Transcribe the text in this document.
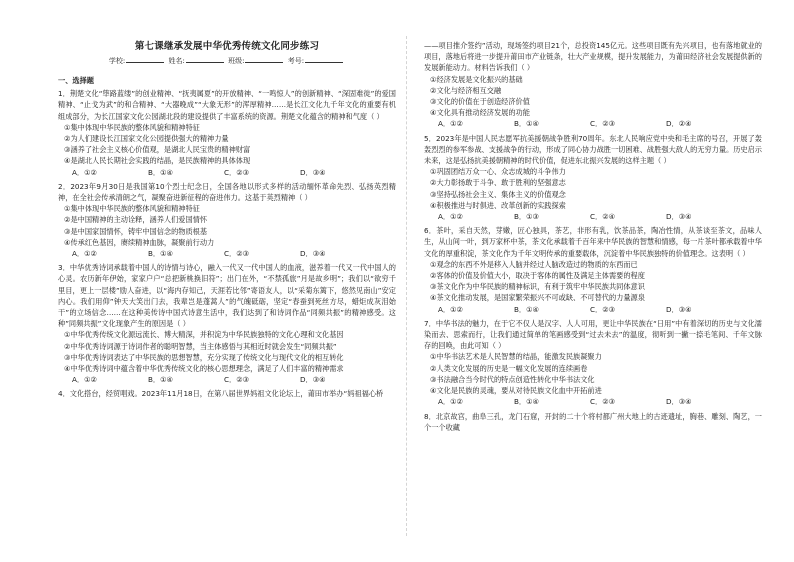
第七课继承发展中华优秀传统文化同步练习
学校:	姓名:	班级:	考号:
一、选择题

1．荆楚文化“筚路蓝缕”的创业精神、“抚夷属夏”的开放精神、“一鸣惊人”的创新精神、“深固难徙”的爱国精神、“止戈为武”的和合精神、“大器晚成”“大象无形”的浑厚精神……是长江文化九千年文化的重要有机组成部分，为长江国家文化公园湖北段的建设提供了丰富系统的资源。荆楚文化蕴含的精神和气度（ ）

①集中体现中华民族的整体风貌和精神特征

②为人们建设长江国家文化公园提供强大的精神力量

③涵养了社会主义核心价值观，是湖北人民宝贵的精神财富

④是湖北人民长期社会实践的结晶，是民族精神的具体体现

A．①②	B．①④	C．②③	D．③④

2．2023年9月30日是我国第10个烈士纪念日，全国各地以形式多样的活动缅怀革命先烈、弘扬英烈精神，在全社会传承清朗之气，凝聚奋进新征程的奋进伟力。这基于英烈精神（ ）

①集中体现中华民族的整体风貌和精神特征

②是中国精神的主动诠释，涵养人们爱国情怀

③是中国家国情怀，铸牢中国信念的物质根基

④传承红色基因，赓续精神血脉，凝聚前行动力

A．①②	B．①④	C．②③	D．③④

3．中华优秀诗词承载着中国人的诗情与诗心，融入一代又一代中国人的血液，滋养着一代又一代中国人的心灵。农历新年伊始，家家户户“总把新桃换旧符”；出门在外，“不禁孤旅”月是故乡明”；我们以“欲穷千里目，更上一层楼”励人奋进，以“海内存知己，天涯若比邻”寄语友人，以“采菊东篱下，悠然见南山”安定内心。我们用仰”钟天大笑出门去，我辈岂是蓬蒿人”的气魄砥砺，坚定“春蚕到死丝方尽，蜡炬成灰泪始干”的立场信念……在这种美传诗中国式诗意生活中，我们达到了和诗词作品“同频共振”的精神感受。这种”同频共振”文化现象产生的原因是（ ）

①中华优秀传统文化源远流长、博大精深，并积淀为中华民族独特的文化心理和文化基因

②中华优秀诗词源于诗词作者的聪明智慧，当主体感悟与其相近时就会发生“同频共振”

③中华优秀诗词表达了中华民族的思想智慧，充分实现了传统文化与现代文化的相互转化

④中华优秀诗词中蕴含着中华优秀传统文化的核心思想理念，满足了人们丰富的精神需求

A．①②	B．①④	C．②③	D．③④

4．文化搭台，经贸唱戏。2023年11月18日，在第八届世界妈祖文化论坛上，莆田市举办“妈祖福心桥

——项目推介签约”活动，现场签约项目21个，总投资145亿元。这些项目既有先兴项目，也有落地就业的项目，落地后将进一步提升莆田市产业链条，壮大产业规模，提升发展能力，为莆田经济社会发展提供新的发展新能动力。材料告诉我们（ ）

①经济发展是文化振兴的基础

②文化与经济相互交融

③文化的价值在于创造经济价值

④文化具有推动经济发展的功能

A．①②	B．①④	C．②③	D．②④

5．2023年是中国人民志愿军抗美援朝战争胜利70周年。东北人民响应党中央和毛主席的号召，开展了轰轰烈烈的参军参战、支援战争的行动，形成了同心协力战胜一切困难、战胜强大敌人的无穷力量。历史启示未来，这是弘扬抗美援朝精神的时代价值，促进东北振兴发展的这样主题（ ）

①巩固团结万众一心、众志成城的斗争伟力

②大力彰扬敢于斗争、敢于胜利的坚强意志

③坚持弘扬社会主义、集体主义的价值观念

④积极推进与时俱进、改革创新的实践探索

A．①②	B．①③	C．②④	D．③④

6．茶叶，采自天然，芽嫩，匠心独具，茶艺，非形有乳，饮茶品茶，陶冶性情，从茶谈至茶文，品味人生，从山间一叶，到万家杯中茶，茶文化承载着千百年来中华民族的智慧和情感，每一片茶叶都承载着中华文化的厚重积淀，茶文化作为千年文明传承的重要载体，沉淀着中华民族独特的价值理念。这表明（ ）

①观念的东西不外是移入人脑并经过人脑改造过的物质的东西而已

②客体的价值及价值大小，取决于客体的属性及满足主体需要的程度

③茶文化作为中华民族的精神标识，有利于筑牢中华民族共同体意识

④茶文化推动发展，是国家繁荣振兴不可或缺、不可替代的力量源泉

A．①②	B．①④	C．②③	D．③④

7．中华书法的魅力，在于它不仅人是汉字、人人可用，更让中华民族在“日用”中有着深切的历史与文化濡染而去、思索而行，让我们通过简单的笔画感受到“过去未去”的温度，彻听到一撇一捺毛笔间、千年文脉存的回唤，由此可知（ ）

①中华书法艺术是人民智慧的结晶，能激发民族凝聚力

②人类文化发展的历史是一幅文化发展的连续画卷

③书法融合当今时代的特点创造性转化中华书法文化

④文化是民族的灵魂，要从对待民族文化血中开拓前进

A．①②	B．①④	C．②③	D．③④

8．北京故宫，曲阜三孔，龙门石窟，开封的二十个将村都广州大地上的古迹遗址，胸巷、雕刻、陶艺，一个一个收藏
